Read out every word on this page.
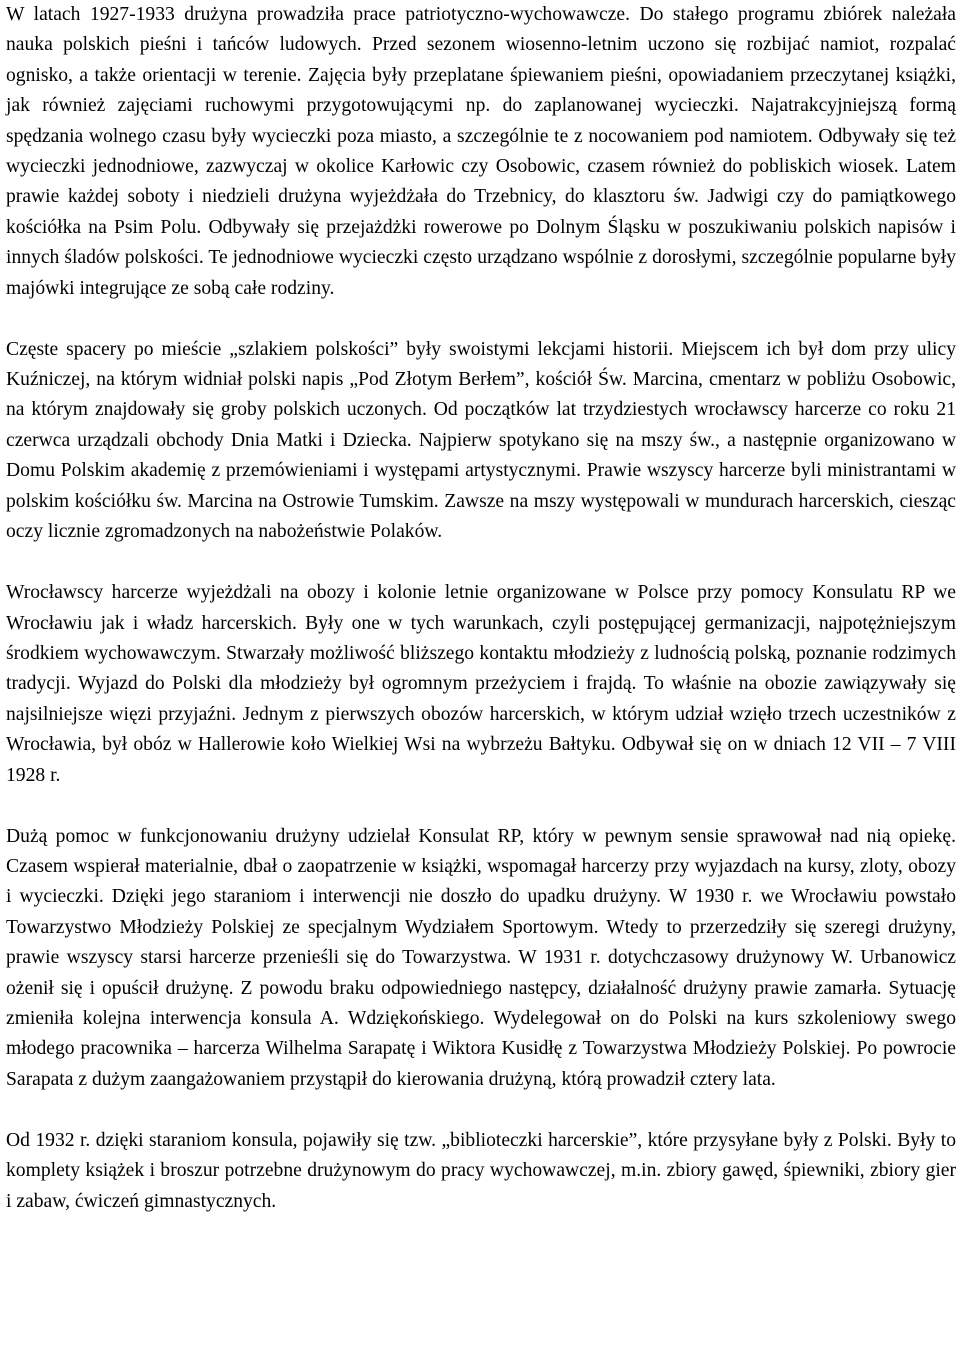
W latach 1927-1933 drużyna prowadziła prace patriotyczno-wychowawcze. Do stałego programu zbiórek należała nauka polskich pieśni i tańców ludowych. Przed sezonem wiosenno-letnim uczono się rozbijać namiot, rozpalać ognisko, a także orientacji w terenie. Zajęcia były przeplatane śpiewaniem pieśni, opowiadaniem przeczytanej książki, jak również zajęciami ruchowymi przygotowującymi np. do zaplanowanej wycieczki. Najatrakcyjniejszą formą spędzania wolnego czasu były wycieczki poza miasto, a szczególnie te z nocowaniem pod namiotem. Odbywały się też wycieczki jednodniowe, zazwyczaj w okolice Karłowic czy Osobowic, czasem również do pobliskich wiosek. Latem prawie każdej soboty i niedzieli drużyna wyjeżdżała do Trzebnicy, do klasztoru św. Jadwigi czy do pamiątkowego kościółka na Psim Polu. Odbywały się przejażdżki rowerowe po Dolnym Śląsku w poszukiwaniu polskich napisów i innych śladów polskości. Te jednodniowe wycieczki często urządzano wspólnie z dorosłymi, szczególnie popularne były majówki integrujące ze sobą całe rodziny.

Częste spacery po mieście „szlakiem polskości” były swoistymi lekcjami historii. Miejscem ich był dom przy ulicy Kuźniczej, na którym widniał polski napis „Pod Złotym Berłem”, kościół Św. Marcina, cmentarz w pobliżu Osobowic, na którym znajdowały się groby polskich uczonych. Od początków lat trzydziestych wrocławscy harcerze co roku 21 czerwca urządzali obchody Dnia Matki i Dziecka. Najpierw spotykano się na mszy św., a następnie organizowano w Domu Polskim akademię z przemówieniami i występami artystycznymi. Prawie wszyscy harcerze byli ministrantami w polskim kościółku św. Marcina na Ostrowie Tumskim. Zawsze na mszy występowali w mundurach harcerskich, ciesząc oczy licznie zgromadzonych na nabożeństwie Polaków.

Wrocławscy harcerze wyjeżdżali na obozy i kolonie letnie organizowane w Polsce przy pomocy Konsulatu RP we Wrocławiu jak i władz harcerskich. Były one w tych warunkach, czyli postępującej germanizacji, najpotężniejszym środkiem wychowawczym. Stwarzały możliwość bliższego kontaktu młodzieży z ludnością polską, poznanie rodzimych tradycji. Wyjazd do Polski dla młodzieży był ogromnym przeżyciem i frajdą. To właśnie na obozie zawiązywały się najsilniejsze więzi przyjaźni. Jednym z pierwszych obozów harcerskich, w którym udział wzięło trzech uczestników z Wrocławia, był obóz w Hallerowie koło Wielkiej Wsi na wybrzeżu Bałtyku. Odbywał się on w dniach 12 VII – 7 VIII 1928 r.

Dużą pomoc w funkcjonowaniu drużyny udzielał Konsulat RP, który w pewnym sensie sprawował nad nią opiekę. Czasem wspierał materialnie, dbał o zaopatrzenie w książki, wspomagał harcerzy przy wyjazdach na kursy, zloty, obozy i wycieczki. Dzięki jego staraniom i interwencji nie doszło do upadku drużyny. W 1930 r. we Wrocławiu powstało Towarzystwo Młodzieży Polskiej ze specjalnym Wydziałem Sportowym. Wtedy to przerzedziły się szeregi drużyny, prawie wszyscy starsi harcerze przenieśli się do Towarzystwa. W 1931 r. dotychczasowy drużynowy W. Urbanowicz ożenił się i opuścił drużynę. Z powodu braku odpowiedniego następcy, działalność drużyny prawie zamarła. Sytuację zmieniła kolejna interwencja konsula A. Wdziękońskiego. Wydelegował on do Polski na kurs szkoleniowy swego młodego pracownika – harcerza Wilhelma Sarapatę i Wiktora Kusidłę z Towarzystwa Młodzieży Polskiej. Po powrocie Sarapata z dużym zaangażowaniem przystąpił do kierowania drużyną, którą prowadził cztery lata.

Od 1932 r. dzięki staraniom konsula, pojawiły się tzw. „biblioteczki harcerskie”, które przysyłane były z Polski. Były to komplety książek i broszur potrzebne drużynowym do pracy wychowawczej, m.in. zbiory gawęd, śpiewniki, zbiory gier i zabaw, ćwiczeń gimnastycznych.
